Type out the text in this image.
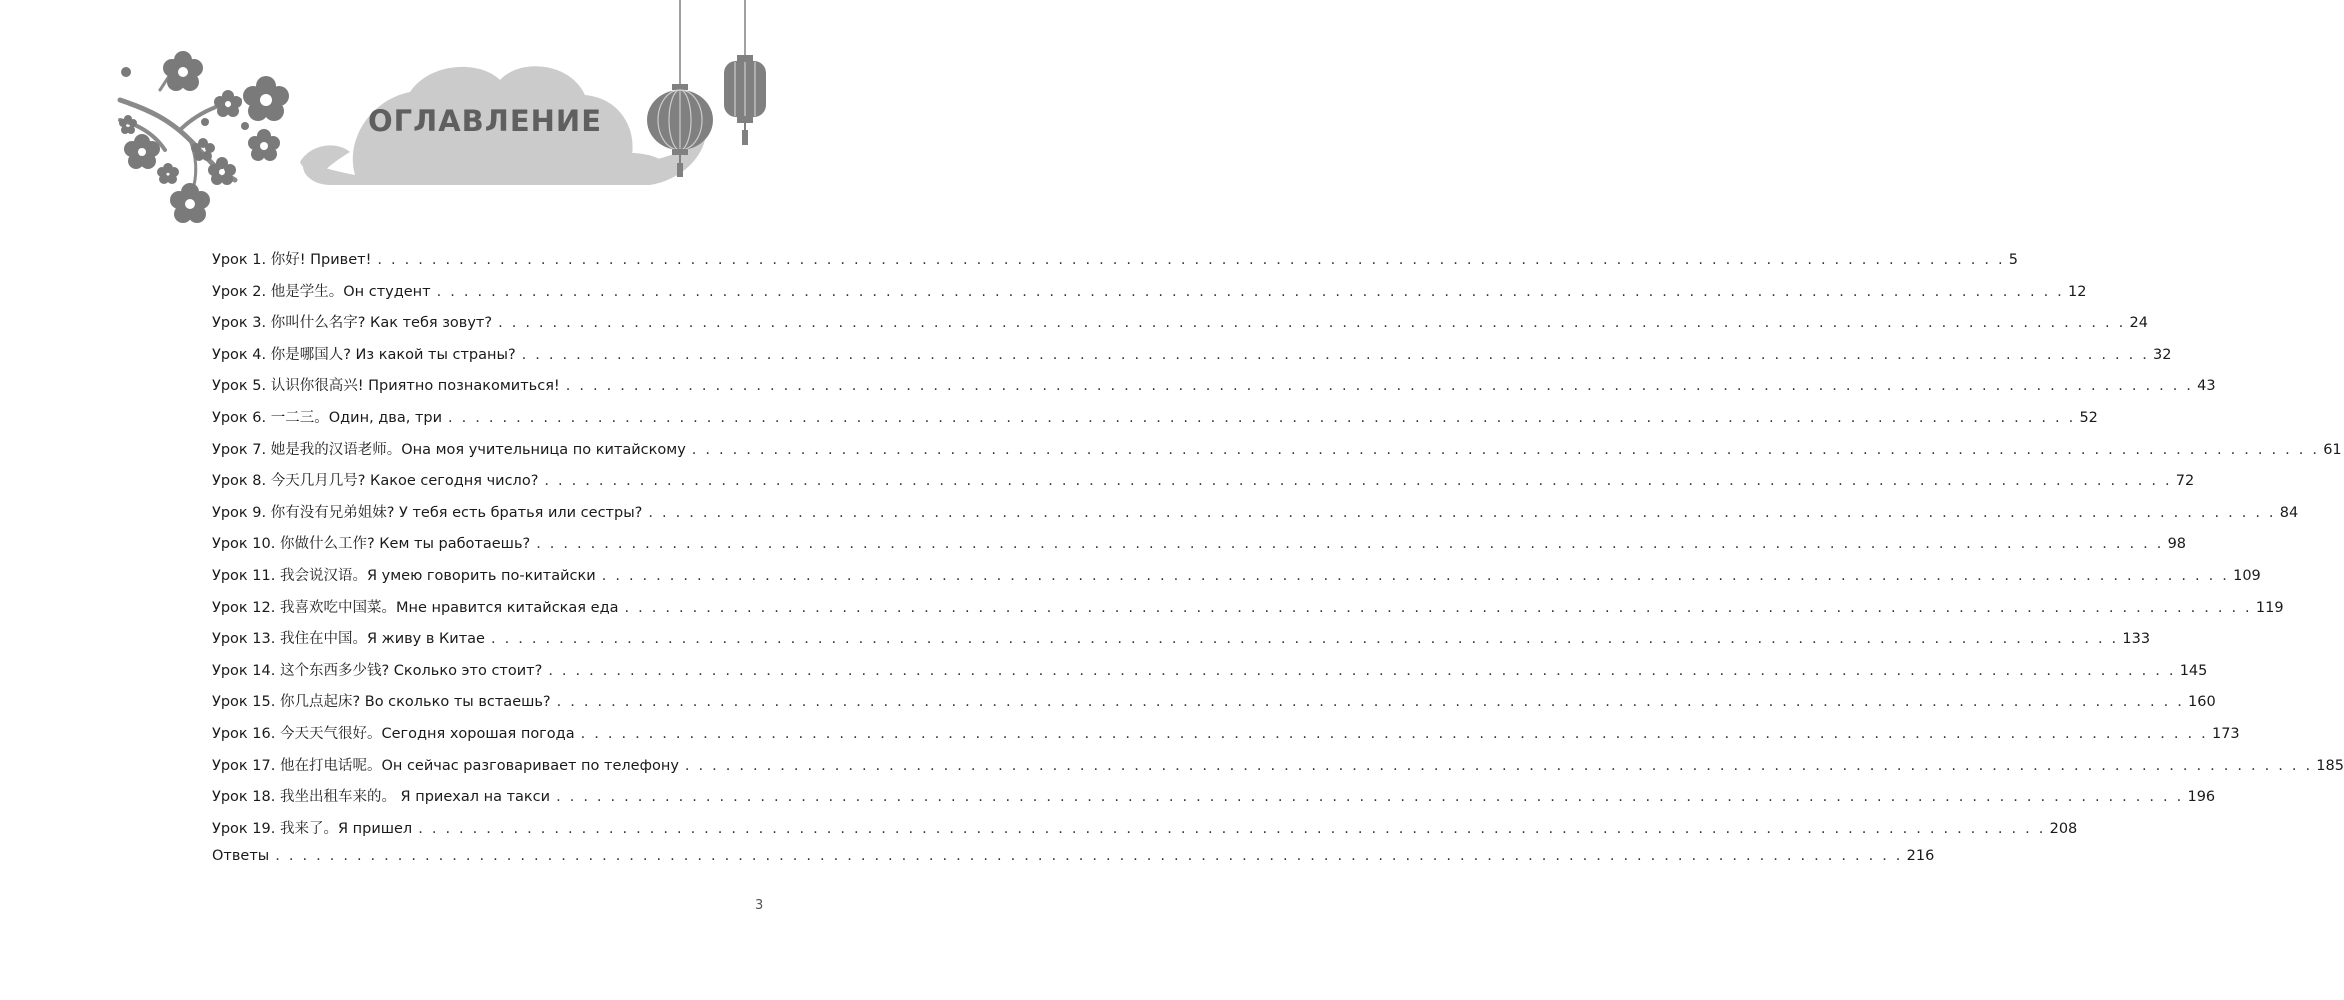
ОГЛАВЛЕНИЕ
Урок 1. 你好! Привет! . . . . . . . . . . . . . . . . . . . . . . . . . . . . . . . . . . . . . . . . . . . . . . . . . . . . . . . . . . . . . . . . . . . . . . . . . . . . . . . . . . . . . . . . . . . . . . . . . . . . . . . . . . . . . . . . . . . . . . . . 5
Урок 2. 他是学生。Он студент . . . . . . . . . . . . . . . . . . . . . . . . . . . . . . . . . . . . . . . . . . . . . . . . . . . . . . . . . . . . . . . . . . . . . . . . . . . . . . . . . . . . . . . . . . . . . . . . . . . . . . . . . . . . . . . . . . . . . . . . 12
Урок 3. 你叫什么名字? Как тебя зовут? . . . . . . . . . . . . . . . . . . . . . . . . . . . . . . . . . . . . . . . . . . . . . . . . . . . . . . . . . . . . . . . . . . . . . . . . . . . . . . . . . . . . . . . . . . . . . . . . . . . . . . . . . . . . . . . . . . . . . . . . 24
Урок 4. 你是哪国人? Из какой ты страны? . . . . . . . . . . . . . . . . . . . . . . . . . . . . . . . . . . . . . . . . . . . . . . . . . . . . . . . . . . . . . . . . . . . . . . . . . . . . . . . . . . . . . . . . . . . . . . . . . . . . . . . . . . . . . . . . . . . . . . . . 32
Урок 5. 认识你很高兴! Приятно познакомиться! . . . . . . . . . . . . . . . . . . . . . . . . . . . . . . . . . . . . . . . . . . . . . . . . . . . . . . . . . . . . . . . . . . . . . . . . . . . . . . . . . . . . . . . . . . . . . . . . . . . . . . . . . . . . . . . . . . . . . . . . 43
Урок 6. 一二三。Один, два, три . . . . . . . . . . . . . . . . . . . . . . . . . . . . . . . . . . . . . . . . . . . . . . . . . . . . . . . . . . . . . . . . . . . . . . . . . . . . . . . . . . . . . . . . . . . . . . . . . . . . . . . . . . . . . . . . . . . . . . . . 52
Урок 7. 她是我的汉语老师。Она моя учительница по китайскому . . . . . . . . . . . . . . . . . . . . . . . . . . . . . . . . . . . . . . . . . . . . . . . . . . . . . . . . . . . . . . . . . . . . . . . . . . . . . . . . . . . . . . . . . . . . . . . . . . . . . . . . . . . . . . . . . . . . . . . . 61
Урок 8. 今天几月几号? Какое сегодня число? . . . . . . . . . . . . . . . . . . . . . . . . . . . . . . . . . . . . . . . . . . . . . . . . . . . . . . . . . . . . . . . . . . . . . . . . . . . . . . . . . . . . . . . . . . . . . . . . . . . . . . . . . . . . . . . . . . . . . . . . 72
Урок 9. 你有没有兄弟姐妹? У тебя есть братья или сестры? . . . . . . . . . . . . . . . . . . . . . . . . . . . . . . . . . . . . . . . . . . . . . . . . . . . . . . . . . . . . . . . . . . . . . . . . . . . . . . . . . . . . . . . . . . . . . . . . . . . . . . . . . . . . . . . . . . . . . . . . 84
Урок 10. 你做什么工作? Кем ты работаешь? . . . . . . . . . . . . . . . . . . . . . . . . . . . . . . . . . . . . . . . . . . . . . . . . . . . . . . . . . . . . . . . . . . . . . . . . . . . . . . . . . . . . . . . . . . . . . . . . . . . . . . . . . . . . . . . . . . . . . . . . 98
Урок 11. 我会说汉语。Я умею говорить по-китайски . . . . . . . . . . . . . . . . . . . . . . . . . . . . . . . . . . . . . . . . . . . . . . . . . . . . . . . . . . . . . . . . . . . . . . . . . . . . . . . . . . . . . . . . . . . . . . . . . . . . . . . . . . . . . . . . . . . . . . . . 109
Урок 12. 我喜欢吃中国菜。Мне нравится китайская еда . . . . . . . . . . . . . . . . . . . . . . . . . . . . . . . . . . . . . . . . . . . . . . . . . . . . . . . . . . . . . . . . . . . . . . . . . . . . . . . . . . . . . . . . . . . . . . . . . . . . . . . . . . . . . . . . . . . . . . . . 119
Урок 13. 我住在中国。Я живу в Китае . . . . . . . . . . . . . . . . . . . . . . . . . . . . . . . . . . . . . . . . . . . . . . . . . . . . . . . . . . . . . . . . . . . . . . . . . . . . . . . . . . . . . . . . . . . . . . . . . . . . . . . . . . . . . . . . . . . . . . . . 133
Урок 14. 这个东西多少钱? Сколько это стоит? . . . . . . . . . . . . . . . . . . . . . . . . . . . . . . . . . . . . . . . . . . . . . . . . . . . . . . . . . . . . . . . . . . . . . . . . . . . . . . . . . . . . . . . . . . . . . . . . . . . . . . . . . . . . . . . . . . . . . . . . 145
Урок 15. 你几点起床? Во сколько ты встаешь? . . . . . . . . . . . . . . . . . . . . . . . . . . . . . . . . . . . . . . . . . . . . . . . . . . . . . . . . . . . . . . . . . . . . . . . . . . . . . . . . . . . . . . . . . . . . . . . . . . . . . . . . . . . . . . . . . . . . . . . . 160
Урок 16. 今天天气很好。Сегодня хорошая погода . . . . . . . . . . . . . . . . . . . . . . . . . . . . . . . . . . . . . . . . . . . . . . . . . . . . . . . . . . . . . . . . . . . . . . . . . . . . . . . . . . . . . . . . . . . . . . . . . . . . . . . . . . . . . . . . . . . . . . . . 173
Урок 17. 他在打电话呢。Он сейчас разговаривает по телефону . . . . . . . . . . . . . . . . . . . . . . . . . . . . . . . . . . . . . . . . . . . . . . . . . . . . . . . . . . . . . . . . . . . . . . . . . . . . . . . . . . . . . . . . . . . . . . . . . . . . . . . . . . . . . . . . . . . . . . . . 185
Урок 18. 我坐出租车来的。 Я приехал на такси . . . . . . . . . . . . . . . . . . . . . . . . . . . . . . . . . . . . . . . . . . . . . . . . . . . . . . . . . . . . . . . . . . . . . . . . . . . . . . . . . . . . . . . . . . . . . . . . . . . . . . . . . . . . . . . . . . . . . . . . 196
Урок 19. 我来了。Я пришел . . . . . . . . . . . . . . . . . . . . . . . . . . . . . . . . . . . . . . . . . . . . . . . . . . . . . . . . . . . . . . . . . . . . . . . . . . . . . . . . . . . . . . . . . . . . . . . . . . . . . . . . . . . . . . . . . . . . . . . . 208
Ответы . . . . . . . . . . . . . . . . . . . . . . . . . . . . . . . . . . . . . . . . . . . . . . . . . . . . . . . . . . . . . . . . . . . . . . . . . . . . . . . . . . . . . . . . . . . . . . . . . . . . . . . . . . . . . . . . . . . . . . . . 216
3
